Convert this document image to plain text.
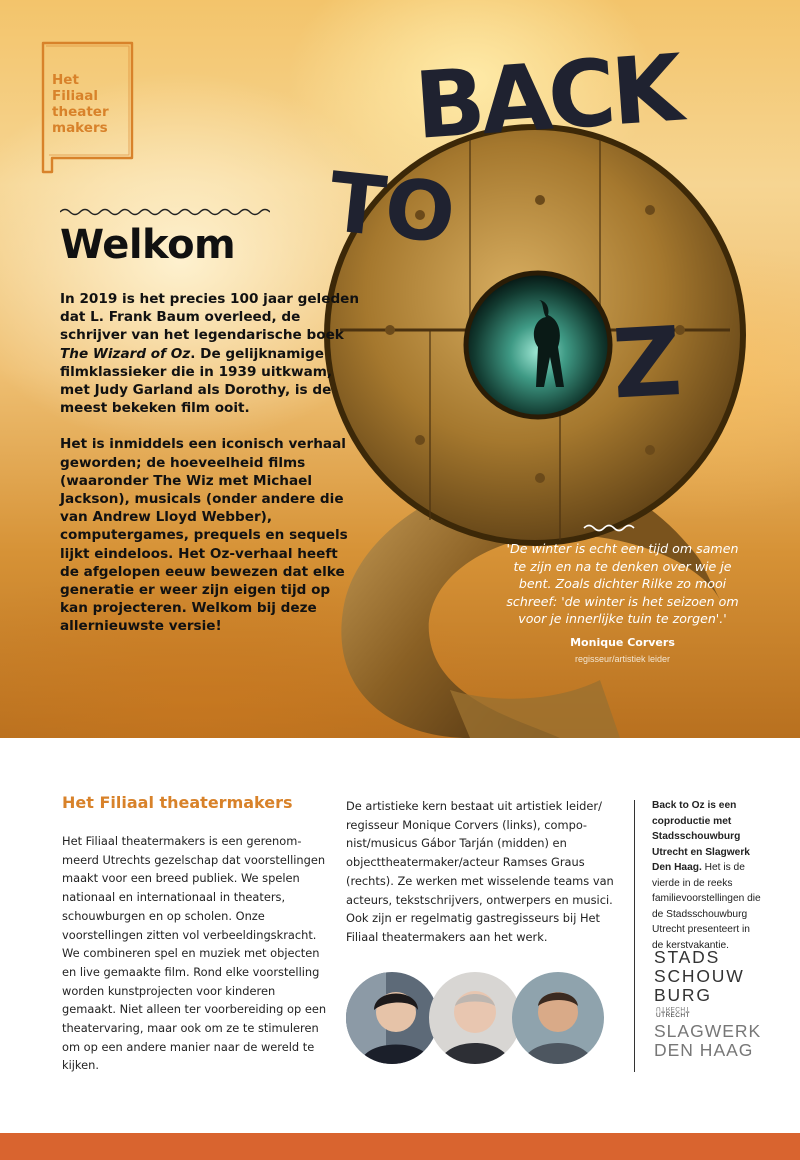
BACK
TO
Z
Het
Filiaal
theater
makers
Welkom

In 2019 is het precies 100 jaar geleden dat L. Frank Baum overleed, de schrijver van het legendarische boek The Wizard of Oz. De gelijknamige filmklassieker die in 1939 uitkwam, met Judy Garland als Dorothy, is de meest bekeken film ooit.

Het is inmiddels een iconisch verhaal geworden; de hoeveelheid films (waaronder The Wiz met Michael Jackson), musicals (onder andere die van Andrew Lloyd Webber), computergames, prequels en sequels lijkt eindeloos. Het Oz-verhaal heeft de afgelopen eeuw bewezen dat elke generatie er weer zijn eigen tijd op kan projecteren. Welkom bij deze allernieuwste versie!

'De winter is echt een tijd om samen te zijn en na te denken over wie je bent. Zoals dichter Rilke zo mooi schreef: 'de winter is het seizoen om voor je innerlijke tuin te zorgen'.'

Monique Corvers
regisseur/artistiek leider
Het Filiaal theatermakers

Het Filiaal theatermakers is een gerenommeerd Utrechts gezelschap dat voorstellingen maakt voor een breed publiek. We spelen nationaal en internationaal in theaters, schouwburgen en op scholen. Onze voorstellingen zitten vol verbeeldingskracht. We combineren spel en muziek met objecten en live gemaakte film. Rond elke voorstelling worden kunstprojecten voor kinderen gemaakt. Niet alleen ter voorbereiding op een theatervaring, maar ook om ze te stimuleren om op een andere manier naar de wereld te kijken.

De artistieke kern bestaat uit artistiek leider/ regisseur Monique Corvers (links), componist/musicus Gábor Tarján (midden) en objecttheatermaker/acteur Ramses Graus (rechts). Ze werken met wisselende teams van acteurs, tekstschrijvers, ontwerpers en musici. Ook zijn er regelmatig gastregisseurs bij Het Filiaal theatermakers aan het werk.

Back to Oz is een coproductie met Stadsschouwburg Utrecht en Slagwerk Den Haag. Het is de vierde in de reeks familievoorstellingen die de Stadsschouwburg Utrecht presenteert in de kerstvakantie.

STADS
SCHOUW
BURG
UTRECHT
UTRECHT
SLAGWERK
DEN HAAG
